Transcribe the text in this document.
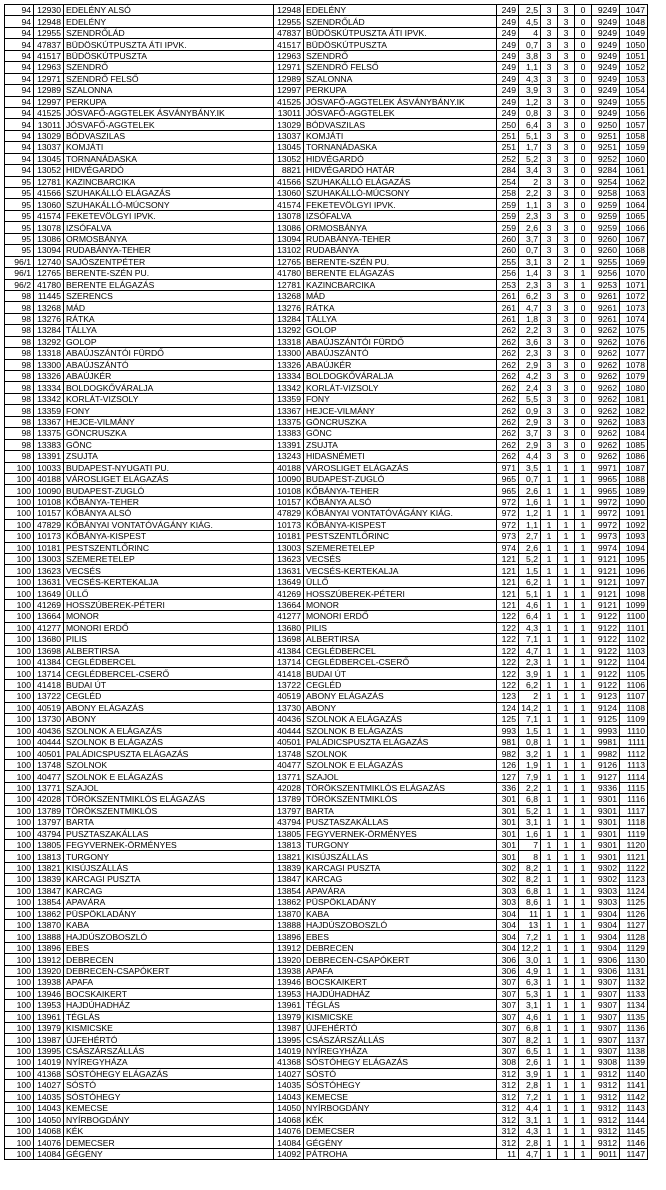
94	12930	EDELÉNY ALSÓ	12948	EDELÉNY	249	2,5	3	3	0	9249	1047
94	12948	EDELÉNY	12955	SZENDRŐLÁD	249	4,5	3	3	0	9249	1048
94	12955	SZENDRŐLÁD	47837	BÜDÖSKÚTPUSZTA ÁTI IPVK.	249	4	3	3	0	9249	1049
94	47837	BÜDÖSKÚTPUSZTA ÁTI IPVK.	41517	BÜDÖSKÚTPUSZTA	249	0,7	3	3	0	9249	1050
94	41517	BÜDÖSKÚTPUSZTA	12963	SZENDRŐ	249	3,8	3	3	0	9249	1051
94	12963	SZENDRŐ	12971	SZENDRŐ FELSŐ	249	1,1	3	3	0	9249	1052
94	12971	SZENDRŐ FELSŐ	12989	SZALONNA	249	4,3	3	3	0	9249	1053
94	12989	SZALONNA	12997	PERKUPA	249	3,9	3	3	0	9249	1054
94	12997	PERKUPA	41525	JÓSVAFŐ-AGGTELEK ÁSVÁNYBÁNY.IK	249	1,2	3	3	0	9249	1055
94	41525	JÓSVAFŐ-AGGTELEK ÁSVÁNYBÁNY.IK	13011	JÓSVAFŐ-AGGTELEK	249	0,8	3	3	0	9249	1056
94	13011	JÓSVAFŐ-AGGTELEK	13029	BÓDVASZILAS	250	6,4	3	3	0	9250	1057
94	13029	BÓDVASZILAS	13037	KOMJÁTI	251	5,1	3	3	0	9251	1058
94	13037	KOMJÁTI	13045	TORNANÁDASKA	251	1,7	3	3	0	9251	1059
94	13045	TORNANÁDASKA	13052	HIDVÉGARDÓ	252	5,2	3	3	0	9252	1060
94	13052	HIDVÉGARDÓ	8821	HIDVÉGARDÓ HATÁR	284	3,4	3	3	0	9284	1061
95	12781	KAZINCBARCIKA	41566	SZUHAKÁLLÓ ELÁGAZÁS	254	2	3	3	0	9254	1062
95	41566	SZUHAKÁLLÓ ELÁGAZÁS	13060	SZUHAKÁLLÓ-MÚCSONY	258	2,2	3	3	0	9258	1063
95	13060	SZUHAKÁLLÓ-MÚCSONY	41574	FEKETEVÖLGYI IPVK.	259	1,1	3	3	0	9259	1064
95	41574	FEKETEVÖLGYI IPVK.	13078	IZSÓFALVA	259	2,3	3	3	0	9259	1065
95	13078	IZSÓFALVA	13086	ORMOSBÁNYA	259	2,6	3	3	0	9259	1066
95	13086	ORMOSBÁNYA	13094	RUDABÁNYA-TEHER	260	3,7	3	3	0	9260	1067
95	13094	RUDABÁNYA-TEHER	13102	RUDABÁNYA	260	0,7	3	3	0	9260	1068
96/1	12740	SAJÓSZENTPÉTER	12765	BERENTE-SZÉN PU.	255	3,1	3	2	1	9255	1069
96/1	12765	BERENTE-SZÉN PU.	41780	BERENTE ELÁGAZÁS	256	1,4	3	3	1	9256	1070
96/2	41780	BERENTE ELÁGAZÁS	12781	KAZINCBARCIKA	253	2,3	3	3	1	9253	1071
98	11445	SZERENCS	13268	MÁD	261	6,2	3	3	0	9261	1072
98	13268	MÁD	13276	RÁTKA	261	4,7	3	3	0	9261	1073
98	13276	RÁTKA	13284	TÁLLYA	261	1,8	3	3	0	9261	1074
98	13284	TÁLLYA	13292	GOLOP	262	2,2	3	3	0	9262	1075
98	13292	GOLOP	13318	ABAÚJSZÁNTÓI FÜRDŐ	262	3,6	3	3	0	9262	1076
98	13318	ABAÚJSZÁNTÓI FÜRDŐ	13300	ABAÚJSZÁNTÓ	262	2,3	3	3	0	9262	1077
98	13300	ABAÚJSZÁNTÓ	13326	ABAÚJKÉR	262	2,9	3	3	0	9262	1078
98	13326	ABAÚJKÉR	13334	BOLDOGKŐVÁRALJA	262	4,2	3	3	0	9262	1079
98	13334	BOLDOGKŐVÁRALJA	13342	KORLÁT-VIZSOLY	262	2,4	3	3	0	9262	1080
98	13342	KORLÁT-VIZSOLY	13359	FONY	262	5,5	3	3	0	9262	1081
98	13359	FONY	13367	HEJCE-VILMÁNY	262	0,9	3	3	0	9262	1082
98	13367	HEJCE-VILMÁNY	13375	GÖNCRUSZKA	262	2,9	3	3	0	9262	1083
98	13375	GÖNCRUSZKA	13383	GÖNC	262	3,7	3	3	0	9262	1084
98	13383	GÖNC	13391	ZSUJTA	262	2,9	3	3	0	9262	1085
98	13391	ZSUJTA	13243	HIDASNÉMETI	262	4,4	3	3	0	9262	1086
100	10033	BUDAPEST-NYUGATI PU.	40188	VÁROSLIGET ELÁGAZÁS	971	3,5	1	1	1	9971	1087
100	40188	VÁROSLIGET ELÁGAZÁS	10090	BUDAPEST-ZUGLÓ	965	0,7	1	1	1	9965	1088
100	10090	BUDAPEST-ZUGLÓ	10108	KŐBÁNYA-TEHER	965	2,6	1	1	1	9965	1089
100	10108	KŐBÁNYA-TEHER	10157	KŐBÁNYA ALSÓ	972	1,6	1	1	1	9972	1090
100	10157	KŐBÁNYA ALSÓ	47829	KŐBÁNYAI VONTATÓVÁGÁNY KIÁG.	972	1,2	1	1	1	9972	1091
100	47829	KŐBÁNYAI VONTATÓVÁGÁNY KIÁG.	10173	KŐBÁNYA-KISPEST	972	1,1	1	1	1	9972	1092
100	10173	KŐBÁNYA-KISPEST	10181	PESTSZENTLŐRINC	973	2,7	1	1	1	9973	1093
100	10181	PESTSZENTLŐRINC	13003	SZEMERETELEP	974	2,6	1	1	1	9974	1094
100	13003	SZEMERETELEP	13623	VECSÉS	121	5,2	1	1	1	9121	1095
100	13623	VECSÉS	13631	VECSÉS-KERTEKALJA	121	1,5	1	1	1	9121	1096
100	13631	VECSÉS-KERTEKALJA	13649	ÜLLŐ	121	6,2	1	1	1	9121	1097
100	13649	ÜLLŐ	41269	HOSSZÚBEREK-PÉTERI	121	5,1	1	1	1	9121	1098
100	41269	HOSSZÚBEREK-PÉTERI	13664	MONOR	121	4,6	1	1	1	9121	1099
100	13664	MONOR	41277	MONORI ERDŐ	122	6,4	1	1	1	9122	1100
100	41277	MONORI ERDŐ	13680	PILIS	122	4,3	1	1	1	9122	1101
100	13680	PILIS	13698	ALBERTIRSA	122	7,1	1	1	1	9122	1102
100	13698	ALBERTIRSA	41384	CEGLÉDBERCEL	122	4,7	1	1	1	9122	1103
100	41384	CEGLÉDBERCEL	13714	CEGLÉDBERCEL-CSERŐ	122	2,3	1	1	1	9122	1104
100	13714	CEGLÉDBERCEL-CSERŐ	41418	BUDAI ÚT	122	3,9	1	1	1	9122	1105
100	41418	BUDAI ÚT	13722	CEGLÉD	122	6,2	1	1	1	9122	1106
100	13722	CEGLÉD	40519	ABONY ELÁGAZÁS	123	2	1	1	1	9123	1107
100	40519	ABONY ELÁGAZÁS	13730	ABONY	124	14,2	1	1	1	9124	1108
100	13730	ABONY	40436	SZOLNOK A ELÁGAZÁS	125	7,1	1	1	1	9125	1109
100	40436	SZOLNOK A ELÁGAZÁS	40444	SZOLNOK B ELÁGAZÁS	993	1,5	1	1	1	9993	1110
100	40444	SZOLNOK B ELÁGAZÁS	40501	PALÁDICSPUSZTA ELÁGAZÁS	981	0,8	1	1	1	9981	1111
100	40501	PALÁDICSPUSZTA ELÁGAZÁS	13748	SZOLNOK	982	3,2	1	1	1	9982	1112
100	13748	SZOLNOK	40477	SZOLNOK E ELÁGAZÁS	126	1,9	1	1	1	9126	1113
100	40477	SZOLNOK E ELÁGAZÁS	13771	SZAJOL	127	7,9	1	1	1	9127	1114
100	13771	SZAJOL	42028	TÖRÖKSZENTMIKLÓS ELÁGAZÁS	336	2,2	1	1	1	9336	1115
100	42028	TÖRÖKSZENTMIKLÓS ELÁGAZÁS	13789	TÖRÖKSZENTMIKLÓS	301	6,8	1	1	1	9301	1116
100	13789	TÖRÖKSZENTMIKLÓS	13797	BARTA	301	5,2	1	1	1	9301	1117
100	13797	BARTA	43794	PUSZTASZAKÁLLAS	301	3,1	1	1	1	9301	1118
100	43794	PUSZTASZAKÁLLAS	13805	FEGYVERNEK-ÖRMÉNYES	301	1,6	1	1	1	9301	1119
100	13805	FEGYVERNEK-ÖRMÉNYES	13813	TURGONY	301	7	1	1	1	9301	1120
100	13813	TURGONY	13821	KISÚJSZÁLLÁS	301	8	1	1	1	9301	1121
100	13821	KISÚJSZÁLLÁS	13839	KARCAGI PUSZTA	302	8,2	1	1	1	9302	1122
100	13839	KARCAGI PUSZTA	13847	KARCAG	302	8,2	1	1	1	9302	1123
100	13847	KARCAG	13854	APAVÁRA	303	6,8	1	1	1	9303	1124
100	13854	APAVÁRA	13862	PÜSPÖKLADÁNY	303	8,6	1	1	1	9303	1125
100	13862	PÜSPÖKLADÁNY	13870	KABA	304	11	1	1	1	9304	1126
100	13870	KABA	13888	HAJDÚSZOBOSZLÓ	304	13	1	1	1	9304	1127
100	13888	HAJDÚSZOBOSZLÓ	13896	EBES	304	7,2	1	1	1	9304	1128
100	13896	EBES	13912	DEBRECEN	304	12,2	1	1	1	9304	1129
100	13912	DEBRECEN	13920	DEBRECEN-CSAPÓKERT	306	3,0	1	1	1	9306	1130
100	13920	DEBRECEN-CSAPÓKERT	13938	APAFA	306	4,9	1	1	1	9306	1131
100	13938	APAFA	13946	BOCSKAIKERT	307	6,3	1	1	1	9307	1132
100	13946	BOCSKAIKERT	13953	HAJDÚHADHÁZ	307	5,3	1	1	1	9307	1133
100	13953	HAJDÚHADHÁZ	13961	TÉGLÁS	307	3,1	1	1	1	9307	1134
100	13961	TÉGLÁS	13979	KISMICSKE	307	4,6	1	1	1	9307	1135
100	13979	KISMICSKE	13987	ÚJFEHÉRTÓ	307	6,8	1	1	1	9307	1136
100	13987	ÚJFEHÉRTÓ	13995	CSÁSZÁRSZÁLLÁS	307	8,2	1	1	1	9307	1137
100	13995	CSÁSZÁRSZÁLLÁS	14019	NYÍREGYHÁZA	307	6,5	1	1	1	9307	1138
100	14019	NYÍREGYHÁZA	41368	SÓSTÓHEGY ELÁGAZÁS	308	2,6	1	1	1	9308	1139
100	41368	SÓSTÓHEGY ELÁGAZÁS	14027	SÓSTÓ	312	3,9	1	1	1	9312	1140
100	14027	SÓSTÓ	14035	SÓSTÓHEGY	312	2,8	1	1	1	9312	1141
100	14035	SÓSTÓHEGY	14043	KEMECSE	312	7,2	1	1	1	9312	1142
100	14043	KEMECSE	14050	NYÍRBOGDÁNY	312	4,4	1	1	1	9312	1143
100	14050	NYÍRBOGDÁNY	14068	KÉK	312	3,1	1	1	1	9312	1144
100	14068	KÉK	14076	DEMECSER	312	4,3	1	1	1	9312	1145
100	14076	DEMECSER	14084	GÉGÉNY	312	2,8	1	1	1	9312	1146
100	14084	GÉGÉNY	14092	PÁTROHA	11	4,7	1	1	1	9011	1147
